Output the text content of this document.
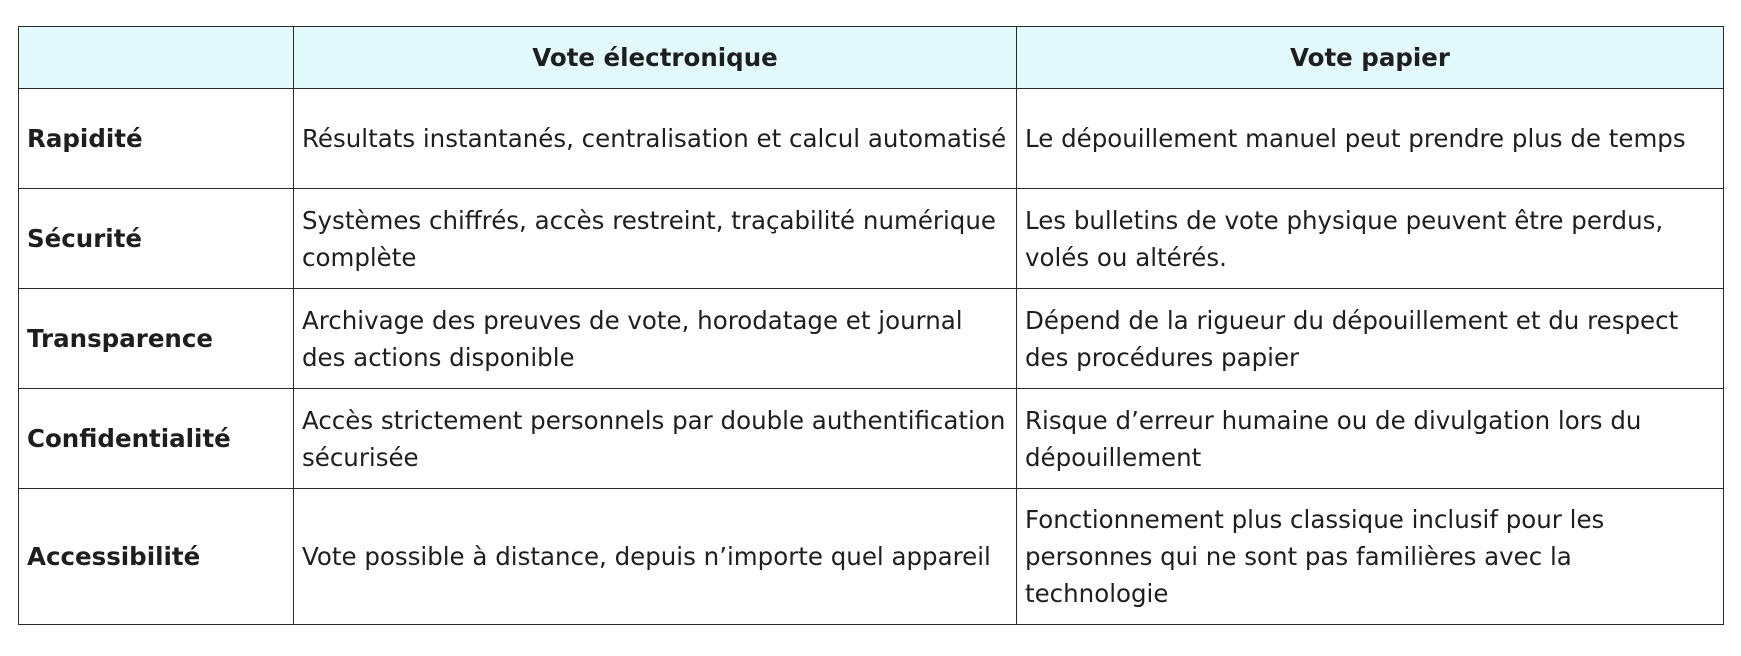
	Vote électronique	Vote papier
Rapidité	Résultats instantanés, centralisation et calcul automatisé	Le dépouillement manuel peut prendre plus de temps
Sécurité	Systèmes chiffrés, accès restreint, traçabilité numérique complète	Les bulletins de vote physique peuvent être perdus, volés ou altérés.
Transparence	Archivage des preuves de vote, horodatage et journal des actions disponible	Dépend de la rigueur du dépouillement et du respect des procédures papier
Confidentialité	Accès strictement personnels par double authentification sécurisée	Risque d’erreur humaine ou de divulgation lors du dépouillement
Accessibilité	Vote possible à distance, depuis n’importe quel appareil	Fonctionnement plus classique inclusif pour les personnes qui ne sont pas familières avec la technologie
